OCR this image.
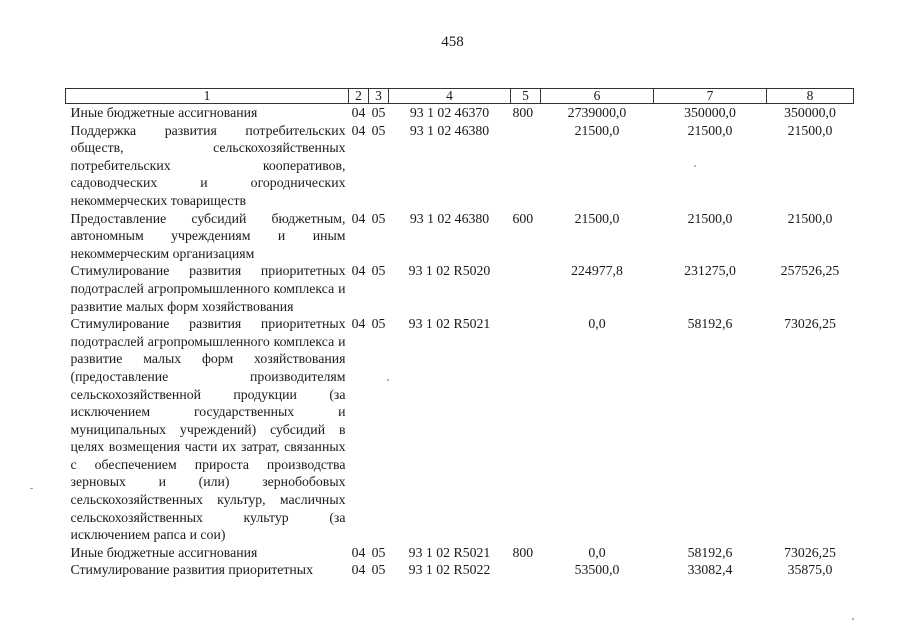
458
1	2	3	4	5	6	7	8
Иные бюджетные ассигнования	04	05	93 1 02 46370	800	2739000,0	350000,0	350000,0
Поддержка развития потребительских обществ, сельскохозяйственных потребительских кооперативов, садоводческих и огороднических некоммерческих товариществ	04	05	93 1 02 46380		21500,0	21500,0	21500,0
Предоставление субсидий бюджетным, автономным учреждениям и иным некоммерческим организациям	04	05	93 1 02 46380	600	21500,0	21500,0	21500,0
Стимулирование развития приоритетных подотраслей агропромышленного комплекса и развитие малых форм хозяйствования	04	05	93 1 02 R5020		224977,8	231275,0	257526,25
Стимулирование развития приоритетных подотраслей агропромышленного комплекса и развитие малых форм хозяйствования (предоставление производителям сельскохозяйственной продукции (за исключением государственных и муниципальных учреждений) субсидий в целях возмещения части их затрат, связанных с обеспечением прироста производства зерновых и (или) зернобобовых сельскохозяйственных культур, масличных сельскохозяйственных культур (за исключением рапса и сои)	04	05	93 1 02 R5021		0,0	58192,6	73026,25
Иные бюджетные ассигнования	04	05	93 1 02 R5021	800	0,0	58192,6	73026,25
Стимулирование развития приоритетных	04	05	93 1 02 R5022		53500,0	33082,4	35875,0
